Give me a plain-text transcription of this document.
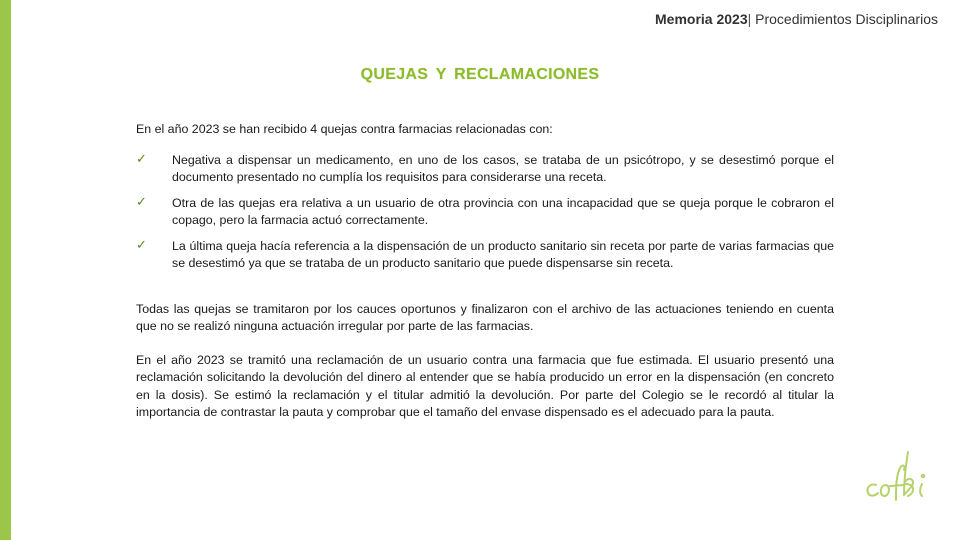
Memoria 2023| Procedimientos Disciplinarios
QUEJAS Y RECLAMACIONES

En el año 2023 se han recibido 4 quejas contra farmacias relacionadas con:

✓ Negativa a dispensar un medicamento, en uno de los casos, se trataba de un psicótropo, y se desestimó porque el documento presentado no cumplía los requisitos para considerarse una receta.
✓ Otra de las quejas era relativa a un usuario de otra provincia con una incapacidad que se queja porque le cobraron el copago, pero la farmacia actuó correctamente.
✓ La última queja hacía referencia a la dispensación de un producto sanitario sin receta por parte de varias farmacias que se desestimó ya que se trataba de un producto sanitario que puede dispensarse sin receta.

Todas las quejas se tramitaron por los cauces oportunos y finalizaron con el archivo de las actuaciones teniendo en cuenta que no se realizó ninguna actuación irregular por parte de las farmacias.

En el año 2023 se tramitó una reclamación de un usuario contra una farmacia que fue estimada. El usuario presentó una reclamación solicitando la devolución del dinero al entender que se había producido un error en la dispensación (en concreto en la dosis). Se estimó la reclamación y el titular admitió la devolución. Por parte del Colegio se le recordó al titular la importancia de contrastar la pauta y comprobar que el tamaño del envase dispensado es el adecuado para la pauta.
